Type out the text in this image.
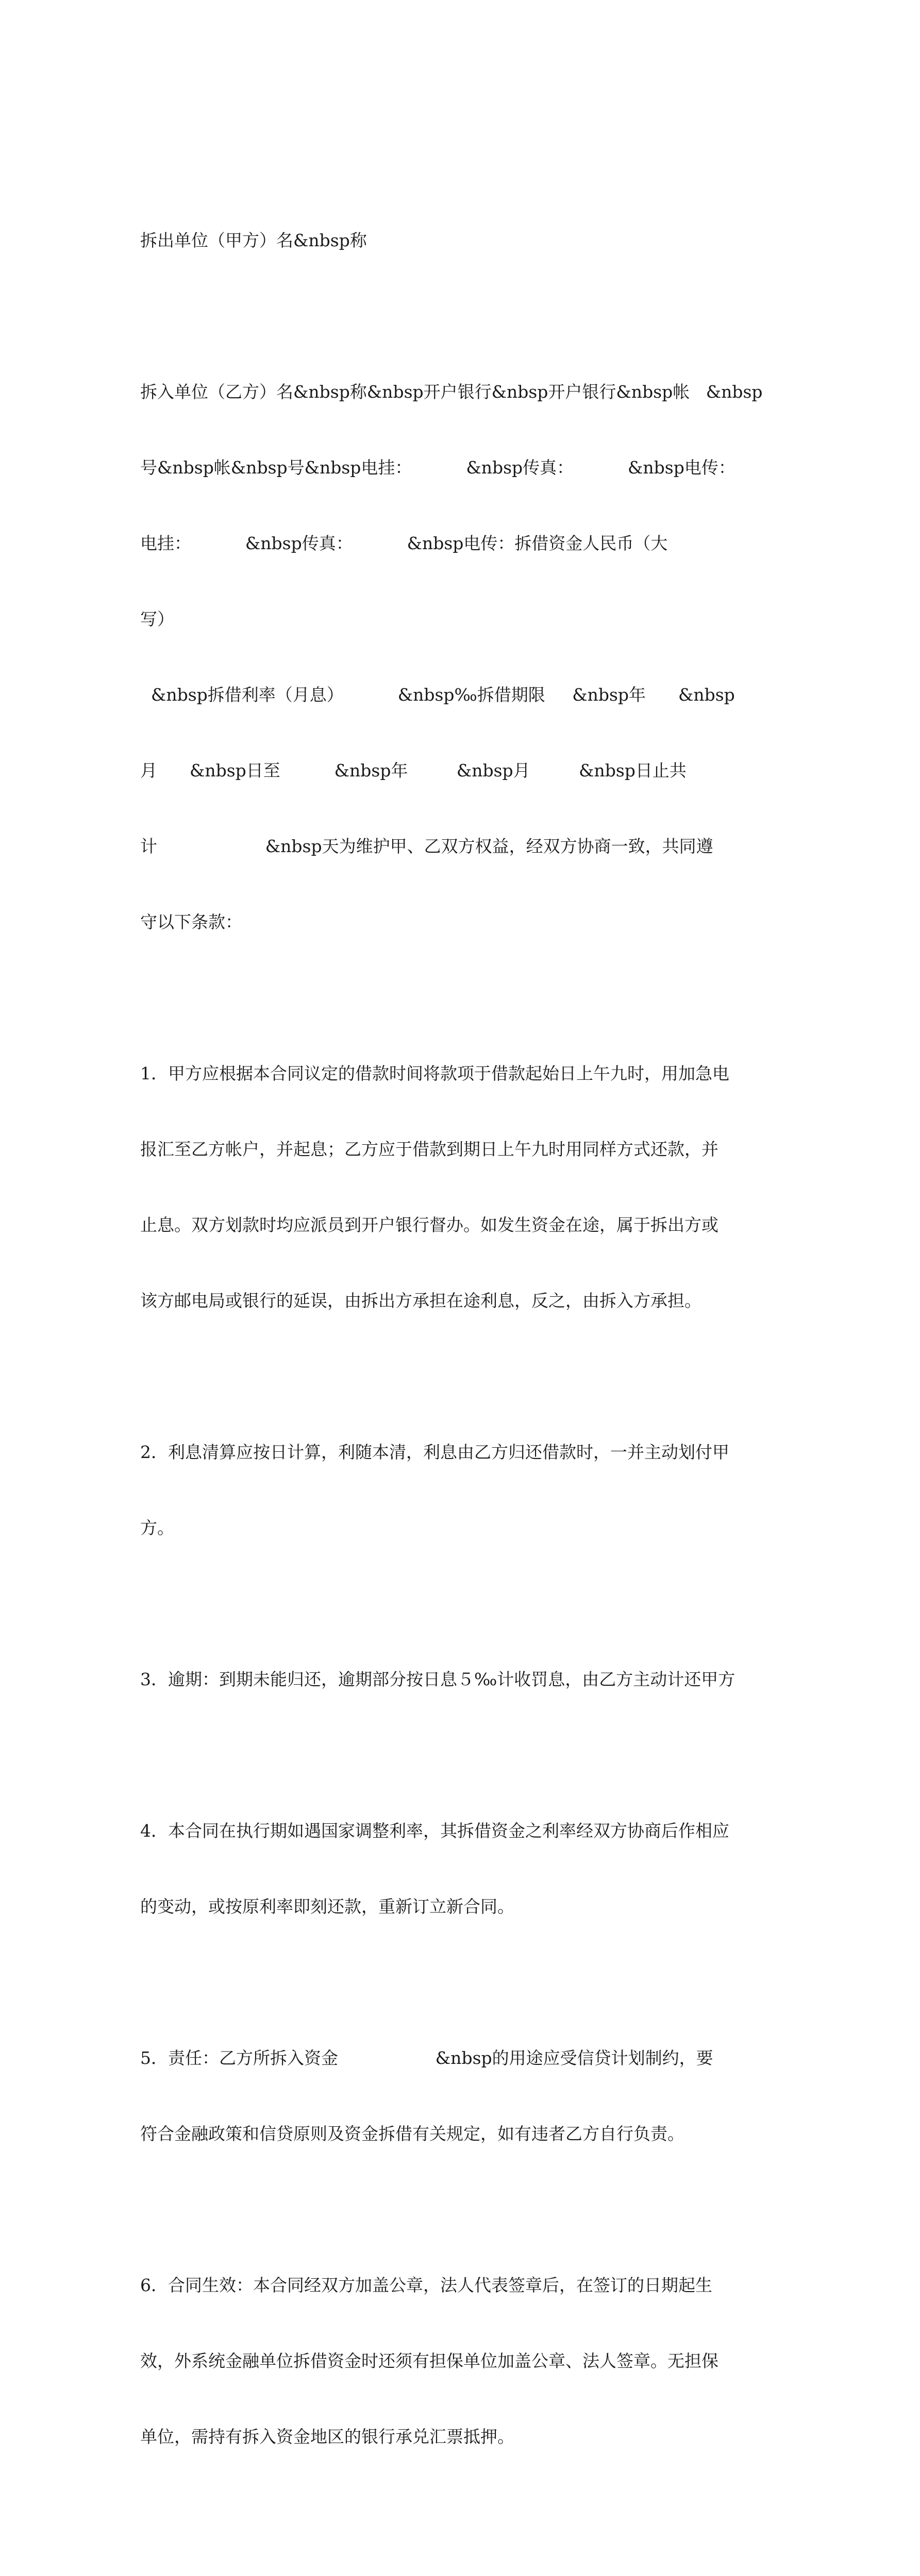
拆出单位（甲方）名&nbsp称

拆入单位（乙方）名&nbsp称&nbsp开户银行&nbsp开户银行&nbsp帐   &nbsp

号&nbsp帐&nbsp号&nbsp电挂：          &nbsp传真：          &nbsp电传：

电挂：          &nbsp传真：          &nbsp电传：拆借资金人民币（大

写）

&nbsp拆借利率（月息）          &nbsp‰拆借期限     &nbsp年      &nbsp

月      &nbsp日至          &nbsp年         &nbsp月         &nbsp日止共

计                    &nbsp天为维护甲、乙双方权益，经双方协商一致，共同遵

守以下条款：

1．甲方应根据本合同议定的借款时间将款项于借款起始日上午九时，用加急电

报汇至乙方帐户，并起息；乙方应于借款到期日上午九时用同样方式还款，并

止息。双方划款时均应派员到开户银行督办。如发生资金在途，属于拆出方或

该方邮电局或银行的延误，由拆出方承担在途利息，反之，由拆入方承担。

2．利息清算应按日计算，利随本清，利息由乙方归还借款时，一并主动划付甲

方。

3．逾期：到期未能归还，逾期部分按日息５‰计收罚息，由乙方主动计还甲方

4．本合同在执行期如遇国家调整利率，其拆借资金之利率经双方协商后作相应

的变动，或按原利率即刻还款，重新订立新合同。

5．责任：乙方所拆入资金                  &nbsp的用途应受信贷计划制约，要

符合金融政策和信贷原则及资金拆借有关规定，如有违者乙方自行负责。

6．合同生效：本合同经双方加盖公章，法人代表签章后，在签订的日期起生

效，外系统金融单位拆借资金时还须有担保单位加盖公章、法人签章。无担保

单位，需持有拆入资金地区的银行承兑汇票抵押。
